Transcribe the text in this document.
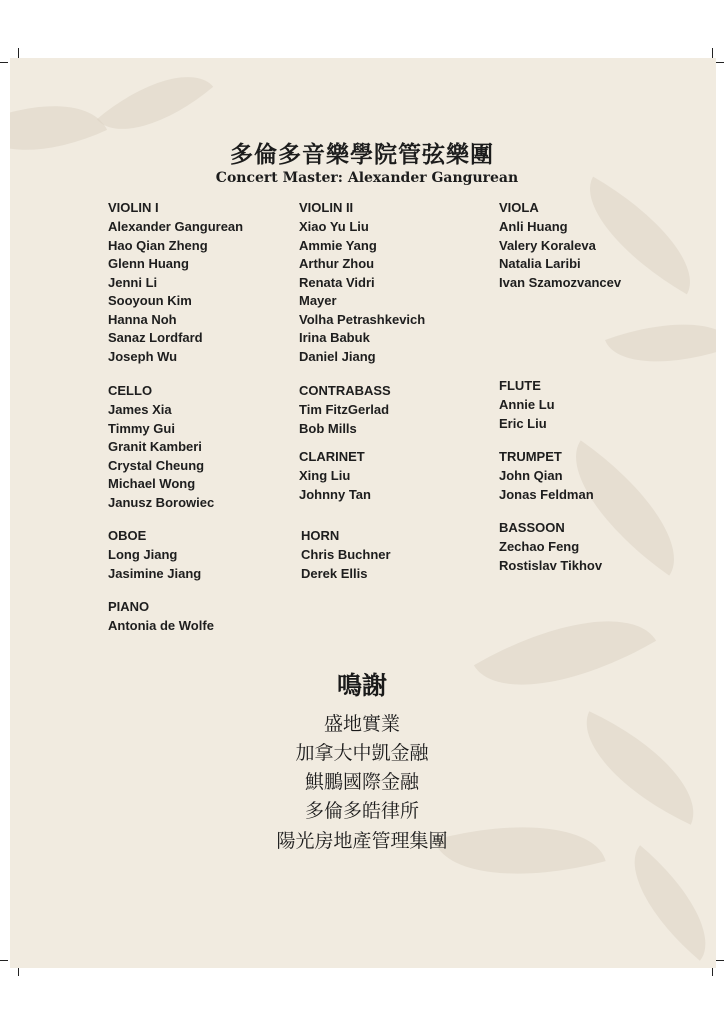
多倫多音樂學院管弦樂團
Concert Master: Alexander Gangurean
VIOLIN I
Alexander Gangurean
Hao Qian Zheng
Glenn Huang
Jenni Li
Sooyoun Kim
Hanna Noh
Sanaz Lordfard
Joseph Wu
VIOLIN II
Xiao Yu Liu
Ammie Yang
Arthur Zhou
Renata Vidri
Mayer
Volha Petrashkevich
Irina Babuk
Daniel Jiang
VIOLA
Anli Huang
Valery Koraleva
Natalia Laribi
Ivan Szamozvancev
CELLO
James Xia
Timmy Gui
Granit Kamberi
Crystal Cheung
Michael Wong
Janusz Borowiec
CONTRABASS
Tim FitzGerlad
Bob Mills
FLUTE
Annie Lu
Eric Liu
CLARINET
Xing Liu
Johnny Tan
TRUMPET
John Qian
Jonas Feldman
OBOE
Long Jiang
Jasimine Jiang
HORN
Chris Buchner
Derek Ellis
BASSOON
Zechao Feng
Rostislav Tikhov
PIANO
Antonia de Wolfe
鳴謝
盛地實業
加拿大中凱金融
鯕鵬國際金融
多倫多皓律所
陽光房地產管理集團
